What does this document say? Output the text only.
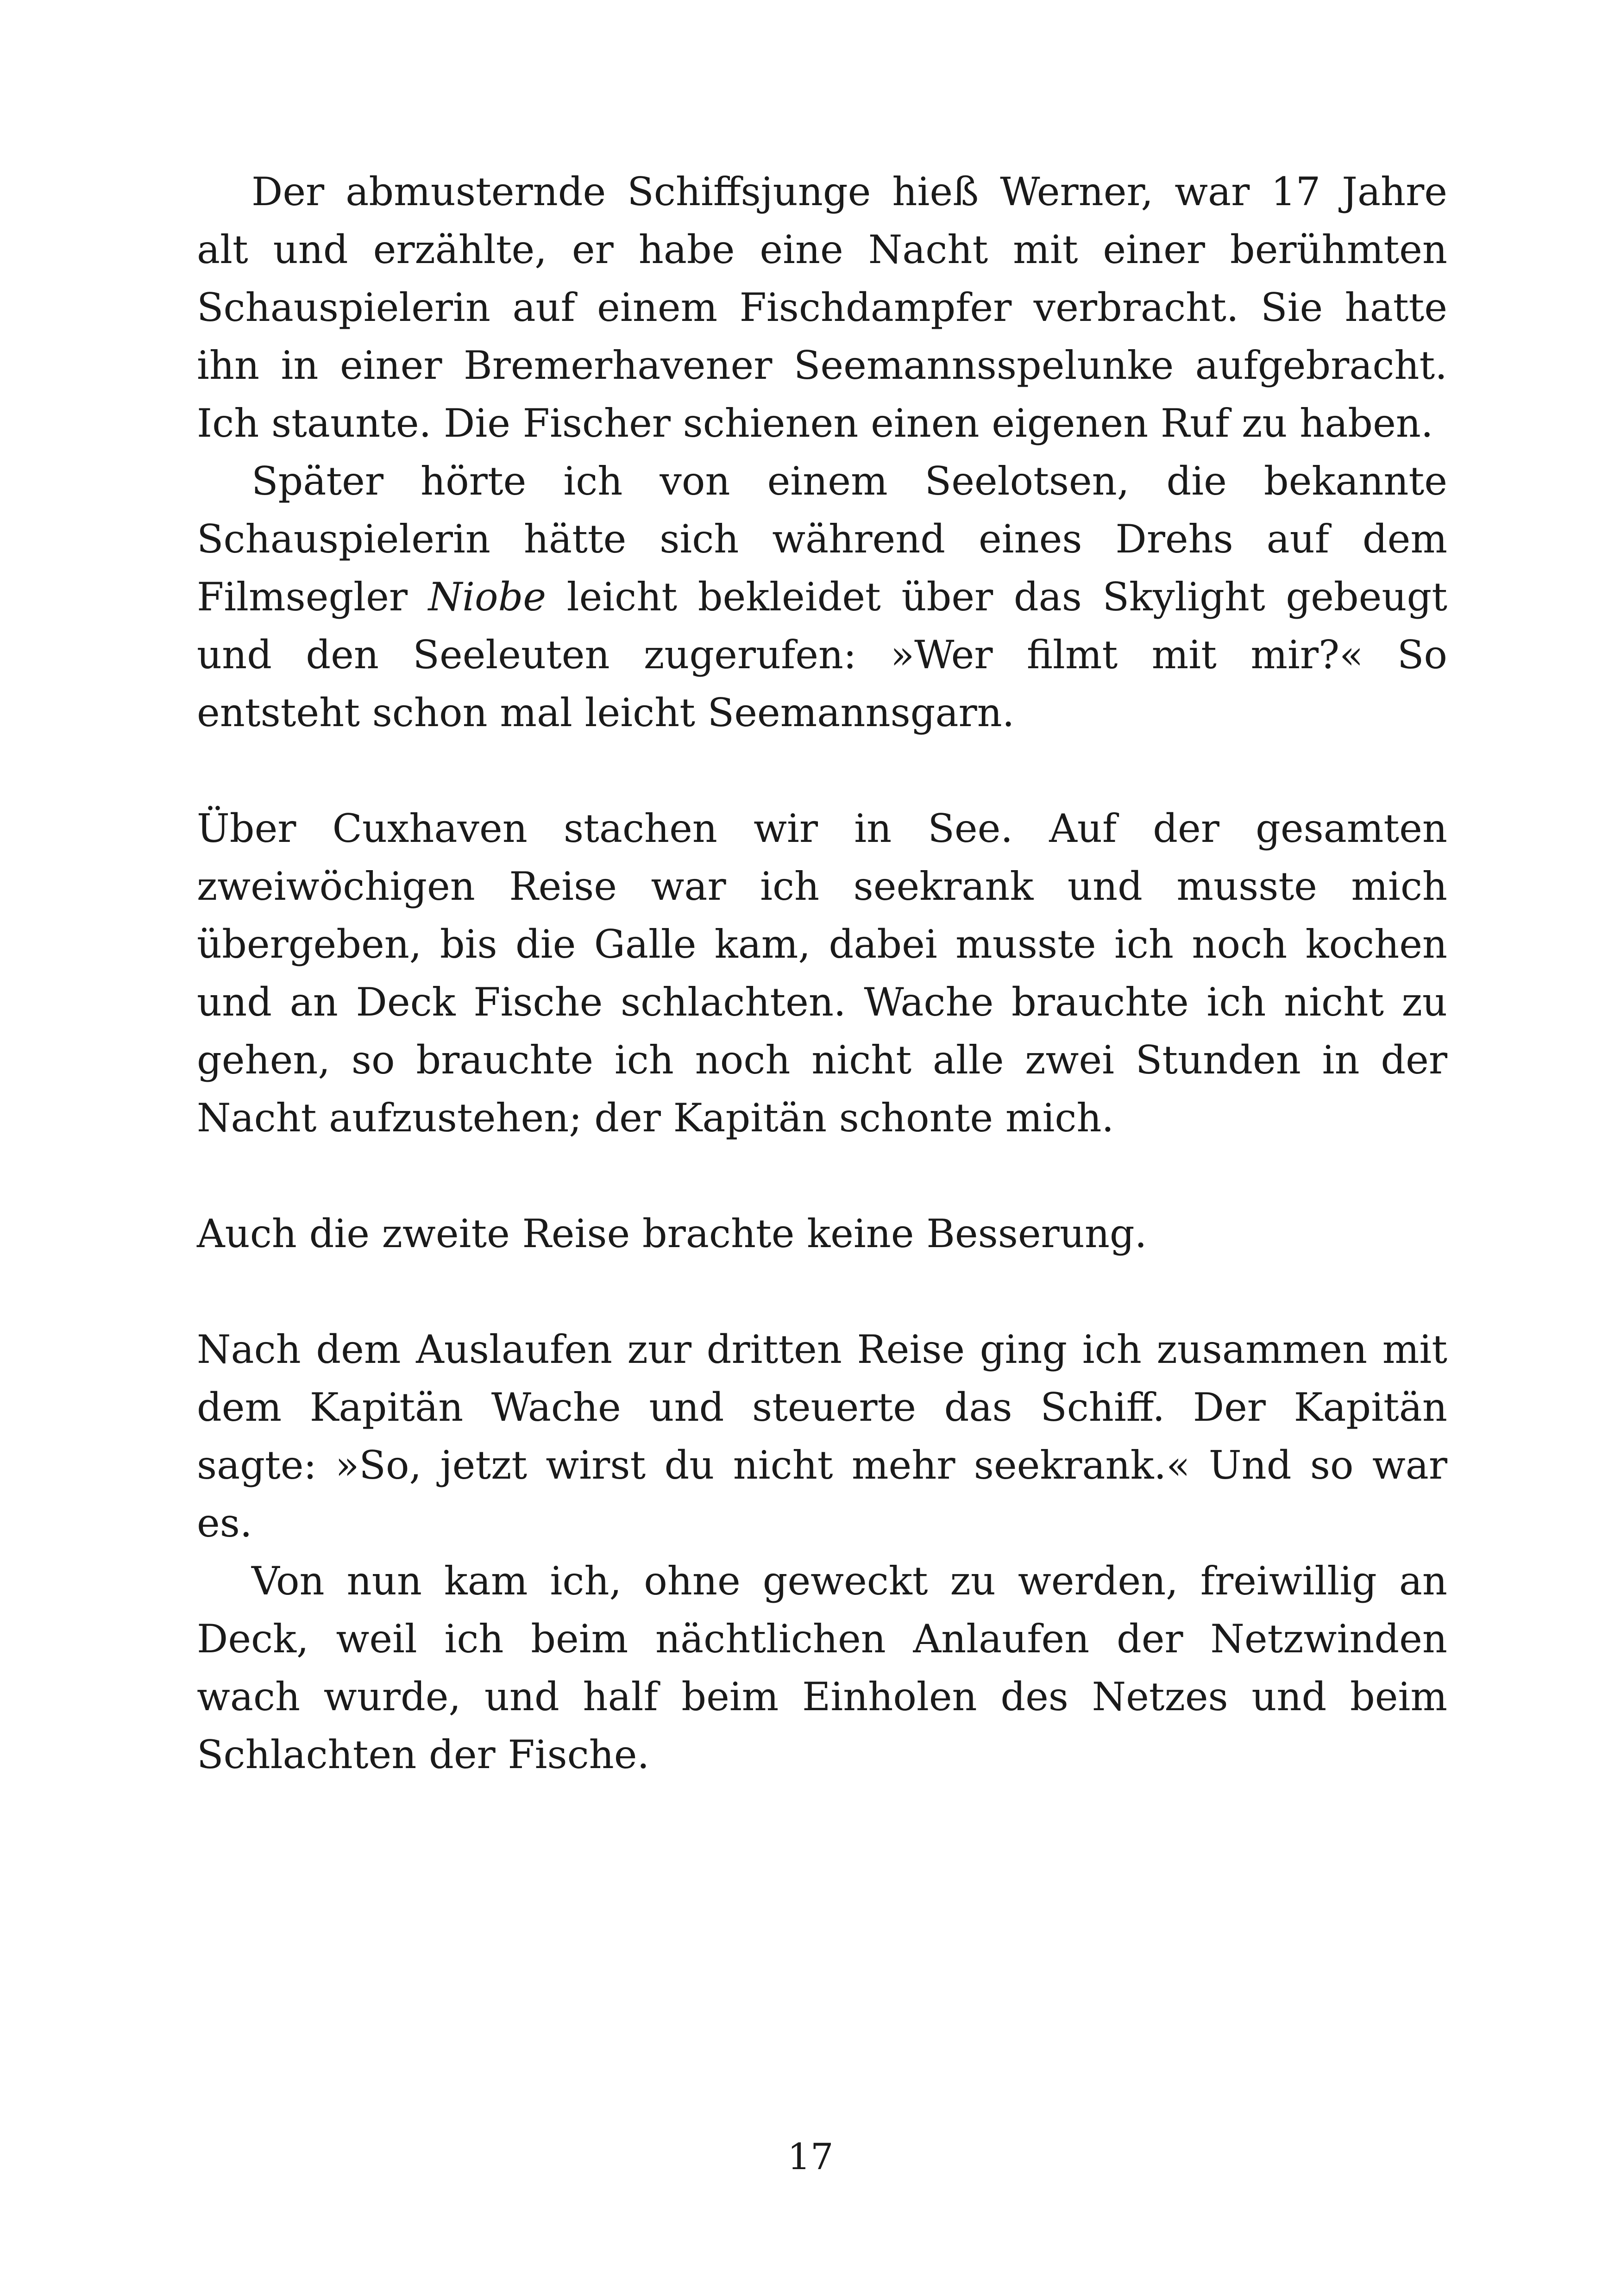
Der abmusternde Schiffsjunge hieß Werner, war 17 Jahre alt und erzählte, er habe eine Nacht mit einer berühmten Schauspielerin auf einem Fischdampfer verbracht. Sie hatte ihn in einer Bremerhavener Seemannsspelunke aufgebracht. Ich staunte. Die Fischer schienen einen eigenen Ruf zu haben.

Später hörte ich von einem Seelotsen, die bekannte Schauspielerin hätte sich während eines Drehs auf dem Filmsegler Niobe leicht bekleidet über das Skylight gebeugt und den Seeleuten zugerufen: »Wer filmt mit mir?« So entsteht schon mal leicht Seemannsgarn.

Über Cuxhaven stachen wir in See. Auf der gesamten zweiwöchigen Reise war ich seekrank und musste mich übergeben, bis die Galle kam, dabei musste ich noch kochen und an Deck Fische schlachten. Wache brauchte ich nicht zu gehen, so brauchte ich noch nicht alle zwei Stunden in der Nacht aufzustehen; der Kapitän schonte mich.

Auch die zweite Reise brachte keine Besserung.

Nach dem Auslaufen zur dritten Reise ging ich zusammen mit dem Kapitän Wache und steuerte das Schiff. Der Kapitän sagte: »So, jetzt wirst du nicht mehr seekrank.« Und so war es.

Von nun kam ich, ohne geweckt zu werden, freiwillig an Deck, weil ich beim nächtlichen Anlaufen der Netzwinden wach wurde, und half beim Einholen des Netzes und beim Schlachten der Fische.

17
